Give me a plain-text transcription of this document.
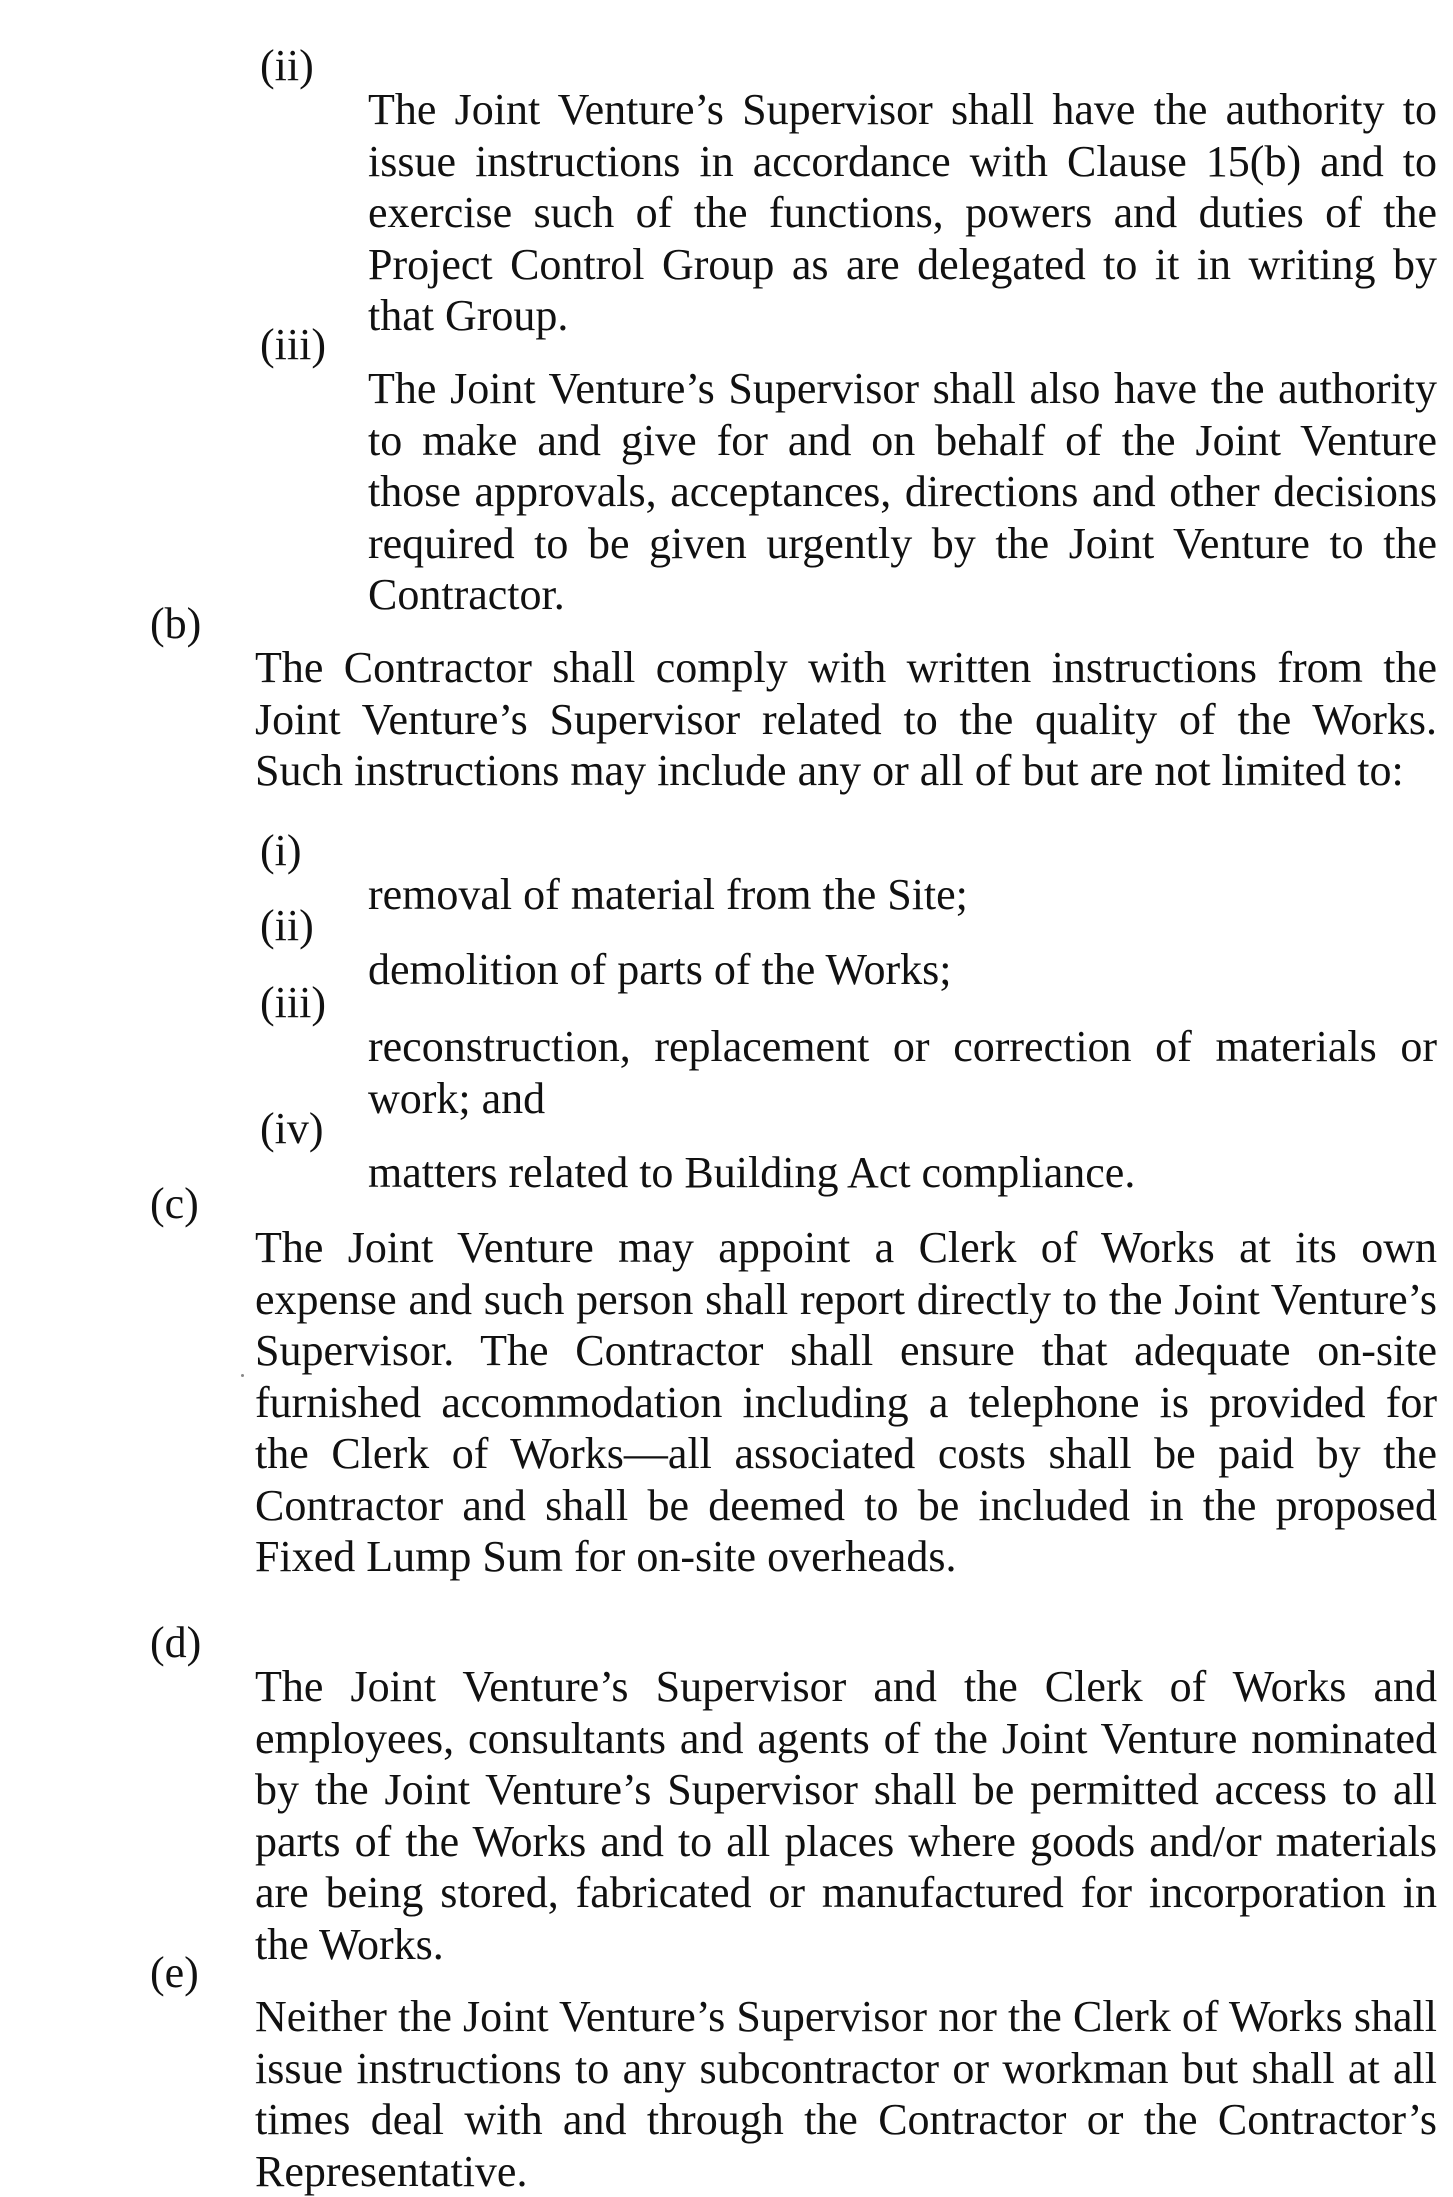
(ii)

The Joint Venture’s Supervisor shall have the authority to issue instructions in accordance with Clause 15(b) and to exercise such of the functions, powers and duties of the Project Control Group as are delegated to it in writing by that Group.

(iii)

The Joint Venture’s Supervisor shall also have the authority to make and give for and on behalf of the Joint Venture those approvals, acceptances, directions and other decisions required to be given urgently by the Joint Venture to the Contractor.

(b)

The Contractor shall comply with written instructions from the Joint Venture’s Supervisor related to the quality of the Works. Such instructions may include any or all of but are not limited to:

(i)

removal of material from the Site;

(ii)

demolition of parts of the Works;

(iii)

reconstruction, replacement or correction of materials or work; and

(iv)

matters related to Building Act compliance.

(c)

The Joint Venture may appoint a Clerk of Works at its own expense and such person shall report directly to the Joint Venture’s Supervisor. The Contractor shall ensure that adequate on-site furnished accommodation including a telephone is provided for the Clerk of Works—all associated costs shall be paid by the Contractor and shall be deemed to be included in the proposed Fixed Lump Sum for on-site overheads.

(d)

The Joint Venture’s Supervisor and the Clerk of Works and employees, consultants and agents of the Joint Venture nominated by the Joint Venture’s Supervisor shall be permitted access to all parts of the Works and to all places where goods and/or materials are being stored, fabricated or manufactured for incorporation in the Works.

(e)

Neither the Joint Venture’s Supervisor nor the Clerk of Works shall issue instructions to any subcontractor or workman but shall at all times deal with and through the Contractor or the Contractor’s Representative.
